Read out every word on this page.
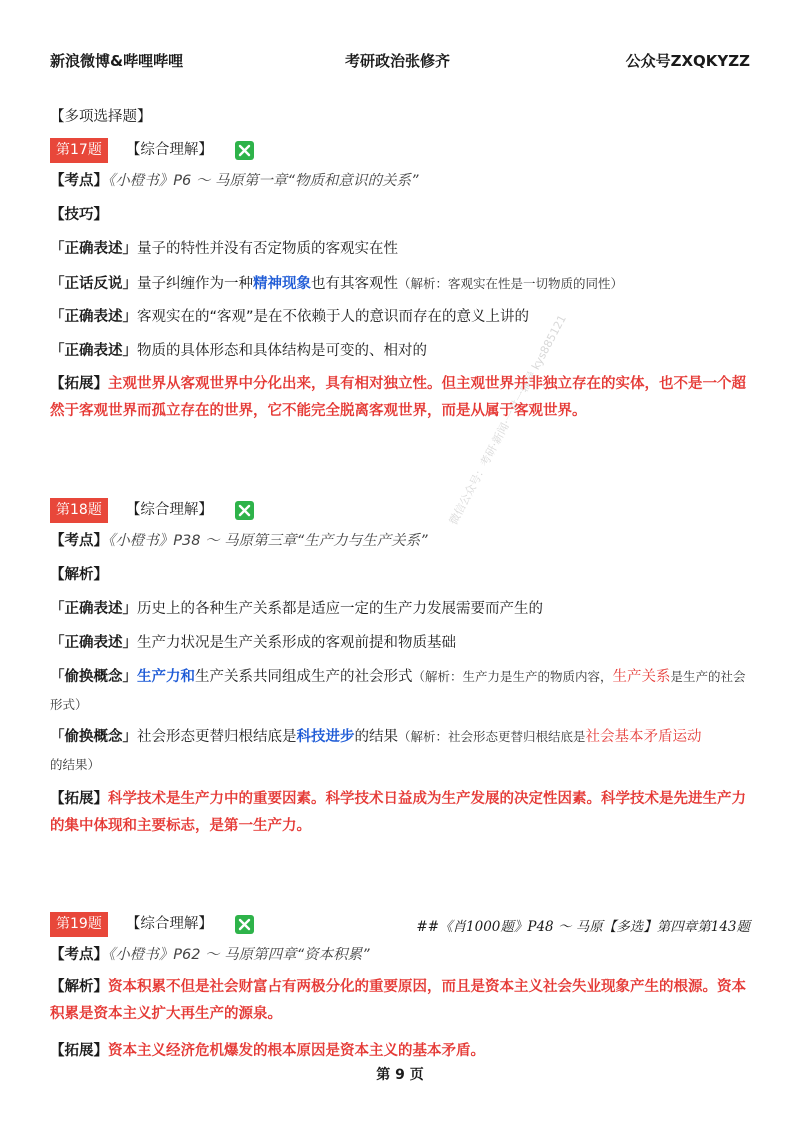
新浪微博&哔哩哔哩	考研政治张修齐	公众号ZXQKYZZ
微信公众号：考研·新闻·一对一辅导 kys885121
【多项选择题】
第17题 【综合理解】
【考点】《小橙书》P6 ～ 马原第一章“物质和意识的关系”
【技巧】
「正确表述」量子的特性并没有否定物质的客观实在性
「正话反说」量子纠缠作为一种精神现象也有其客观性（解析：客观实在性是一切物质的同性）
「正确表述」客观实在的“客观”是在不依赖于人的意识而存在的意义上讲的
「正确表述」物质的具体形态和具体结构是可变的、相对的
【拓展】主观世界从客观世界中分化出来，具有相对独立性。但主观世界并非独立存在的实体，也不是一个超然于客观世界而孤立存在的世界，它不能完全脱离客观世界，而是从属于客观世界。
第18题 【综合理解】
【考点】《小橙书》P38 ～ 马原第三章“生产力与生产关系”
【解析】
「正确表述」历史上的各种生产关系都是适应一定的生产力发展需要而产生的
「正确表述」生产力状况是生产关系形成的客观前提和物质基础
「偷换概念」生产力和生产关系共同组成生产的社会形式（解析：生产力是生产的物质内容，生产关系是生产的社会形式）
「偷换概念」社会形态更替归根结底是科技进步的结果（解析：社会形态更替归根结底是社会基本矛盾运动的结果）
【拓展】科学技术是生产力中的重要因素。科学技术日益成为生产发展的决定性因素。科学技术是先进生产力的集中体现和主要标志，是第一生产力。
第19题 【综合理解】	##《肖1000题》P48 ～ 马原【多选】第四章第143题
【考点】《小橙书》P62 ～ 马原第四章“资本积累”
【解析】资本积累不但是社会财富占有两极分化的重要原因，而且是资本主义社会失业现象产生的根源。资本积累是资本主义扩大再生产的源泉。
【拓展】资本主义经济危机爆发的根本原因是资本主义的基本矛盾。
第 9 页
